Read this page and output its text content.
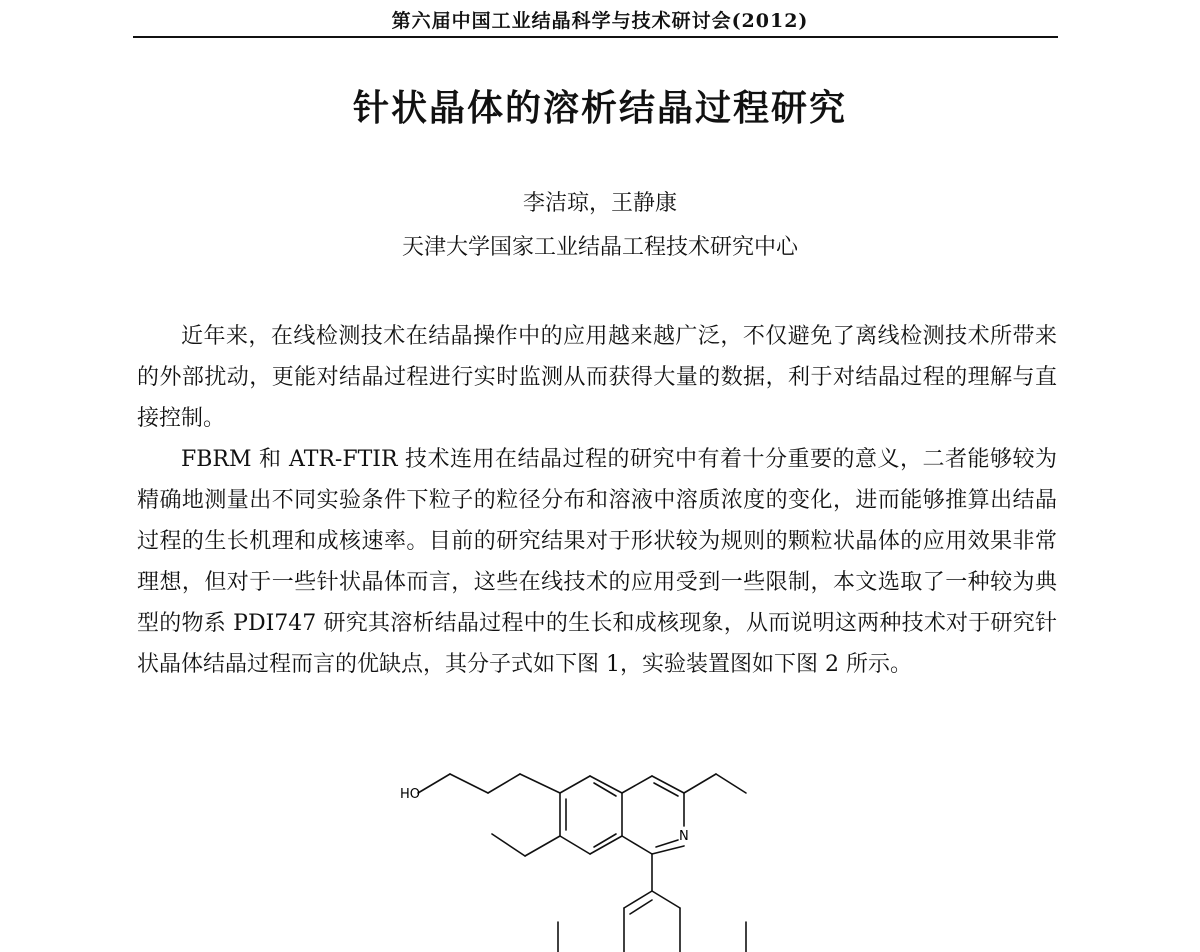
第六届中国工业结晶科学与技术研讨会(2012)
针状晶体的溶析结晶过程研究
李洁琼，王静康
天津大学国家工业结晶工程技术研究中心

近年来，在线检测技术在结晶操作中的应用越来越广泛，不仅避免了离线检测技术所带来的外部扰动，更能对结晶过程进行实时监测从而获得大量的数据，利于对结晶过程的理解与直接控制。

FBRM 和 ATR-FTIR 技术连用在结晶过程的研究中有着十分重要的意义，二者能够较为精确地测量出不同实验条件下粒子的粒径分布和溶液中溶质浓度的变化，进而能够推算出结晶过程的生长机理和成核速率。目前的研究结果对于形状较为规则的颗粒状晶体的应用效果非常理想，但对于一些针状晶体而言，这些在线技术的应用受到一些限制，本文选取了一种较为典型的物系 PDI747 研究其溶析结晶过程中的生长和成核现象，从而说明这两种技术对于研究针状晶体结晶过程而言的优缺点，其分子式如下图 1，实验装置图如下图 2 所示。

HO
N
